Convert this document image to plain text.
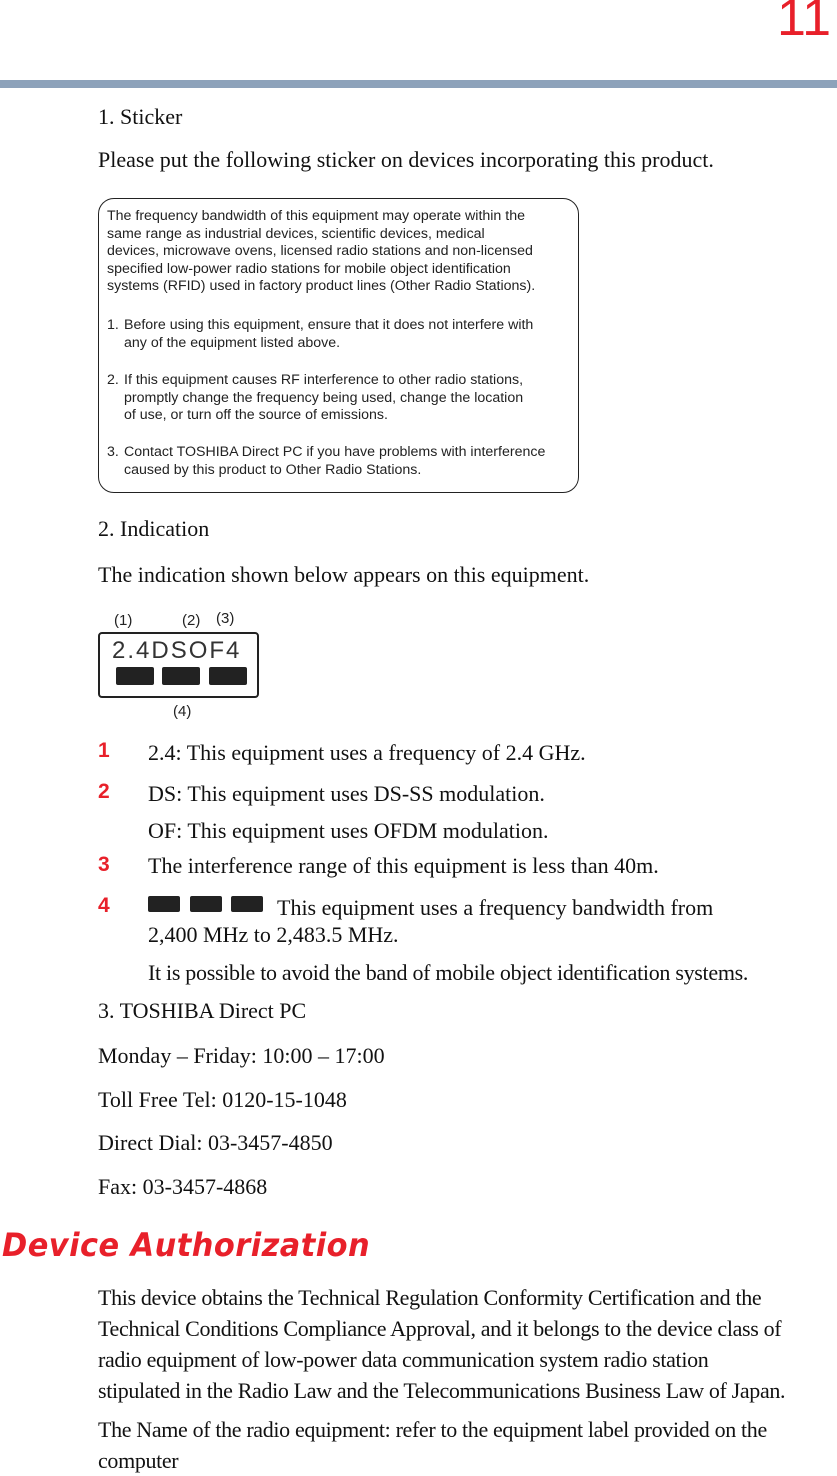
11

1. Sticker

Please put the following sticker on devices incorporating this product.

The frequency bandwidth of this equipment may operate within the
same range as industrial devices, scientific devices, medical
devices, microwave ovens, licensed radio stations and non-licensed
specified low-power radio stations for mobile object identification
systems (RFID) used in factory product lines (Other Radio Stations).

1. Before using this equipment, ensure that it does not interfere with
any of the equipment listed above.
2. If this equipment causes RF interference to other radio stations,
promptly change the frequency being used, change the location
of use, or turn off the source of emissions.
3. Contact TOSHIBA Direct PC if you have problems with interference
caused by this product to Other Radio Stations.

2. Indication

The indication shown below appears on this equipment.

(1)	(2) (3)
2.4DSOF4
(4)
1 2.4: This equipment uses a frequency of 2.4 GHz.

2 DS: This equipment uses DS-SS modulation.

OF: This equipment uses OFDM modulation.

3 The interference range of this equipment is less than 40m.

4	This equipment uses a frequency bandwidth from

2,400 MHz to 2,483.5 MHz.

It is possible to avoid the band of mobile object identification systems.

3. TOSHIBA Direct PC

Monday – Friday: 10:00 – 17:00

Toll Free Tel: 0120-15-1048

Direct Dial: 03-3457-4850

Fax: 03-3457-4868

Device Authorization

This device obtains the Technical Regulation Conformity Certification and the
Technical Conditions Compliance Approval, and it belongs to the device class of
radio equipment of low-power data communication system radio station
stipulated in the Radio Law and the Telecommunications Business Law of Japan.

The Name of the radio equipment: refer to the equipment label provided on the
computer
